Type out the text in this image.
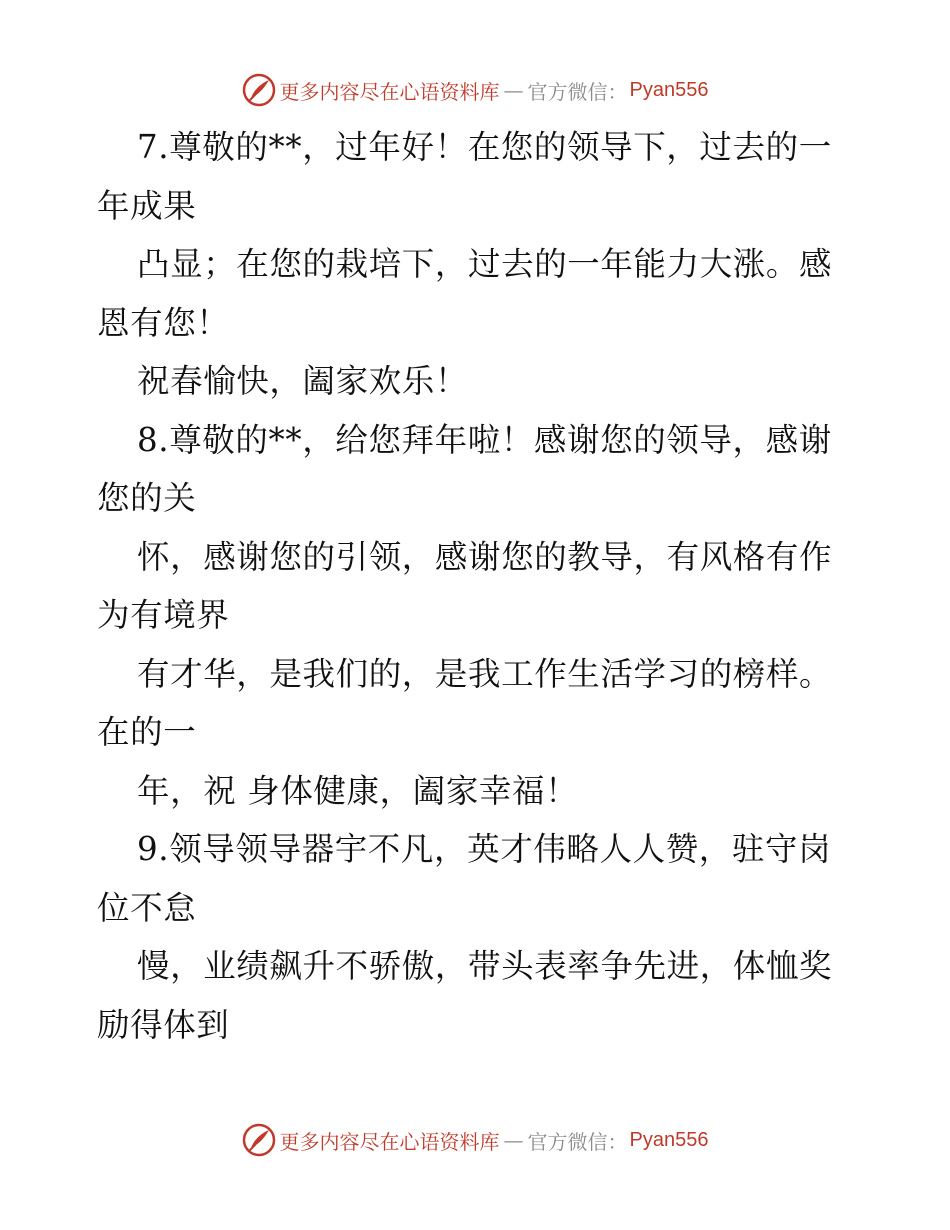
更多内容尽在心语资料库 — 官方微信： Pyan556
7.尊敬的**，过年好！在您的领导下，过去的一
年成果
凸显；在您的栽培下，过去的一年能力大涨。感
恩有您！
祝春愉快，阖家欢乐！
8.尊敬的**，给您拜年啦！感谢您的领导，感谢
您的关
怀，感谢您的引领，感谢您的教导，有风格有作
为有境界
有才华，是我们的，是我工作生活学习的榜样。
在的一
年，祝 身体健康，阖家幸福！
9.领导领导器宇不凡，英才伟略人人赞，驻守岗
位不怠
慢，业绩飙升不骄傲，带头表率争先进，体恤奖
励得体到
更多内容尽在心语资料库 — 官方微信： Pyan556
